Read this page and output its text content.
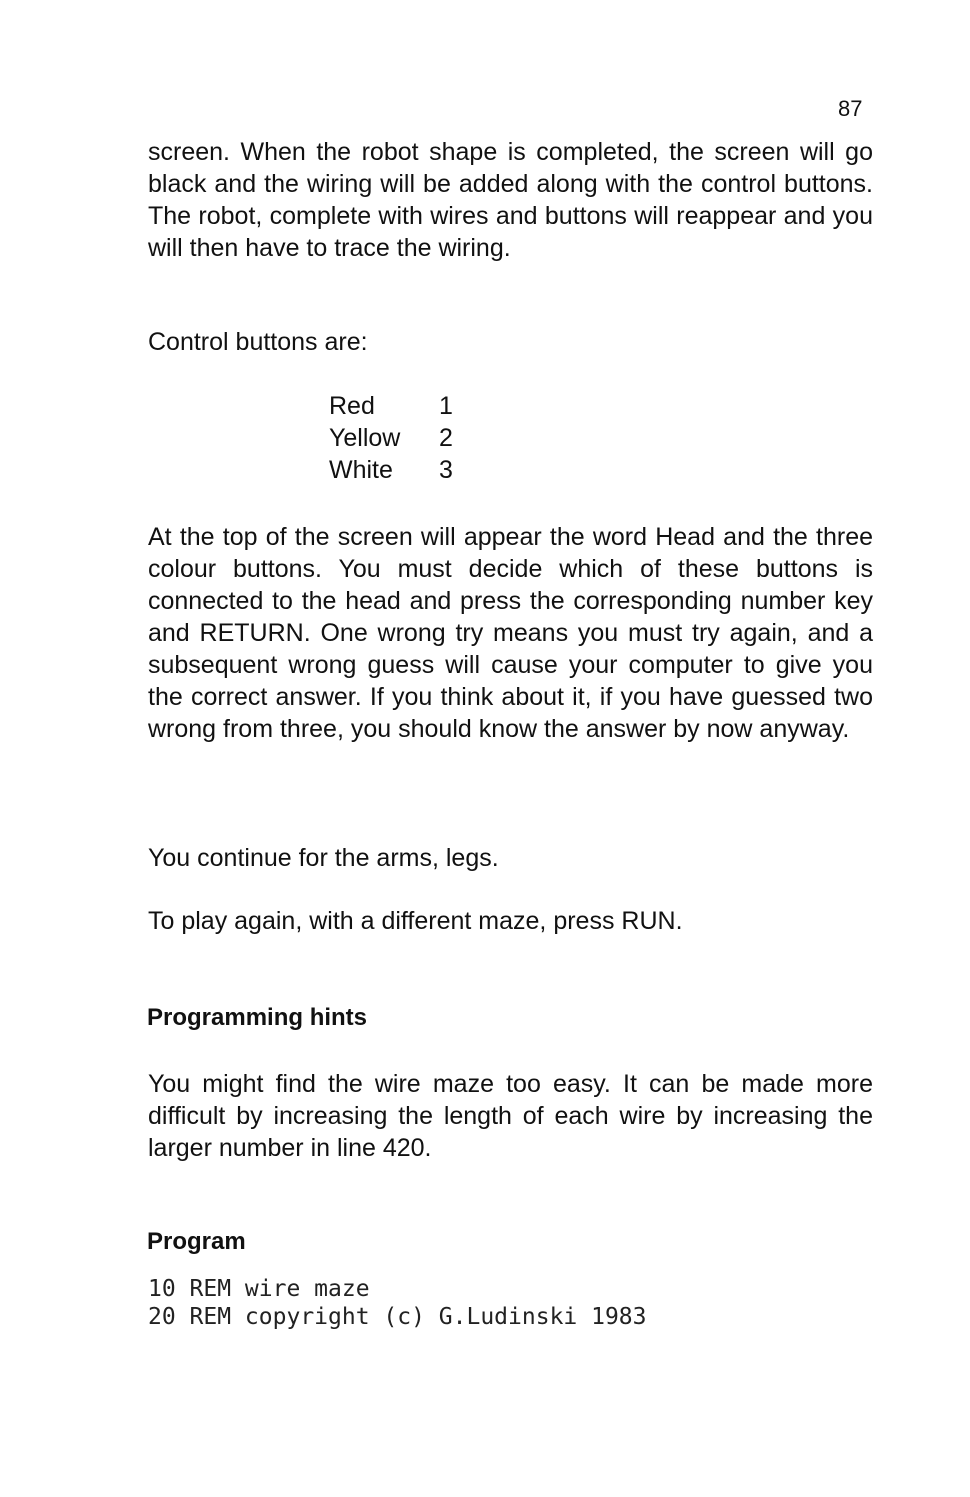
87

screen. When the robot shape is completed, the screen will go black and the wiring will be added along with the control buttons. The robot, complete with wires and buttons will reappear and you will then have to trace the wiring.

Control buttons are:

Red	1
Yellow	2
White	3

At the top of the screen will appear the word Head and the three colour buttons. You must decide which of these buttons is connected to the head and press the corresponding number key and RETURN. One wrong try means you must try again, and a subsequent wrong guess will cause your computer to give you the correct answer. If you think about it, if you have guessed two wrong from three, you should know the answer by now anyway.

You continue for the arms, legs.

To play again, with a different maze, press RUN.

Programming hints

You might find the wire maze too easy. It can be made more difficult by increasing the length of each wire by increasing the larger number in line 420.

Program
10 REM wire maze
20 REM copyright (c) G.Ludinski 1983
